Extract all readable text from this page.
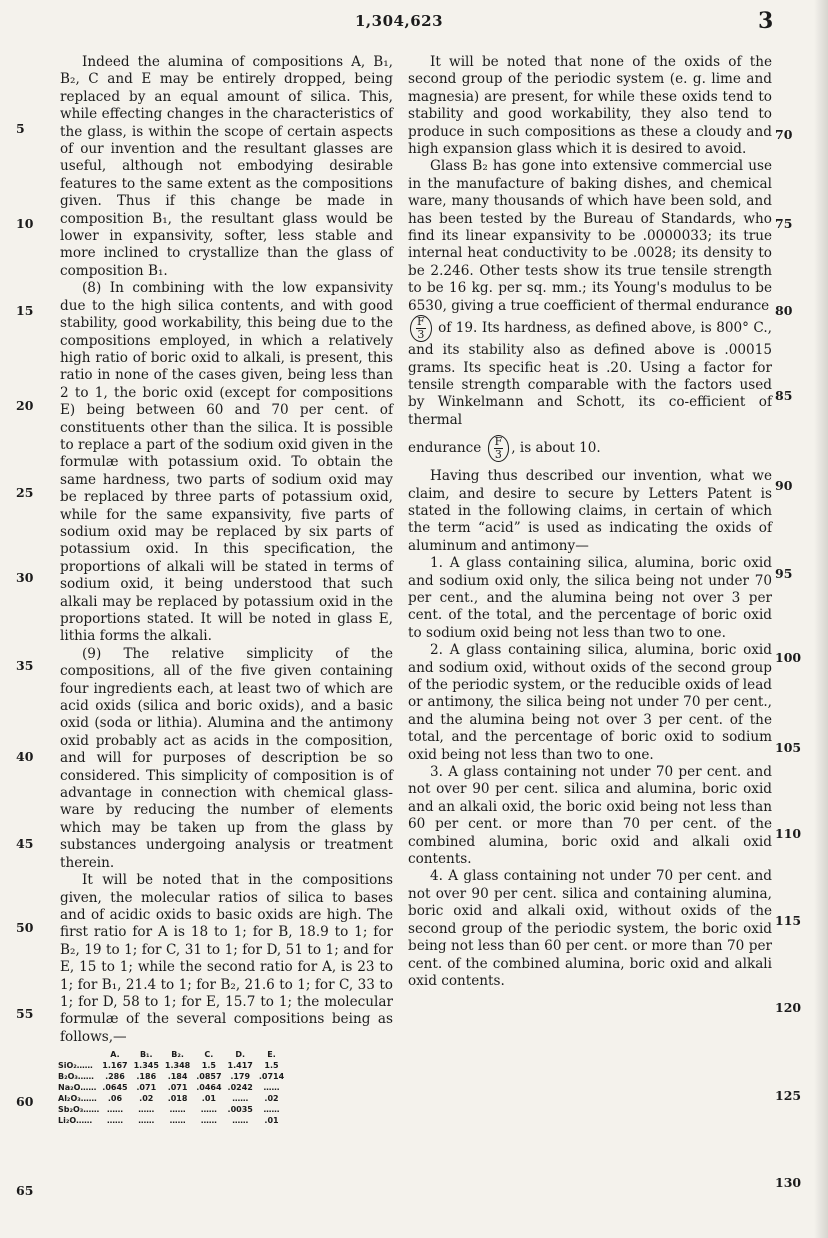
1,304,623	3
5
10
15
20
25
30
35
40
45
50
55
60
65
70
75
80
85
90
95
100
105
110
115
120
125
130

Indeed the alumina of compositions A, B₁, B₂, C and E may be entirely dropped, being replaced by an equal amount of silica. This, while effecting changes in the characteristics of the glass, is within the scope of certain aspects of our invention and the resultant glasses are useful, although not embodying desirable features to the same extent as the compositions given. Thus if this change be made in composition B₁, the resultant glass would be lower in expansivity, softer, less stable and more inclined to crystallize than the glass of composition B₁.

(8) In combining with the low expansivity due to the high silica contents, and with good stability, good workability, this being due to the compositions employed, in which a relatively high ratio of boric oxid to alkali, is present, this ratio in none of the cases given, being less than 2 to 1, the boric oxid (except for compositions E) being between 60 and 70 per cent. of constituents other than the silica. It is possible to replace a part of the sodium oxid given in the formulæ with potassium oxid. To obtain the same hardness, two parts of sodium oxid may be replaced by three parts of potassium oxid, while for the same expansivity, five parts of sodium oxid may be replaced by six parts of potassium oxid. In this specification, the proportions of alkali will be stated in terms of sodium oxid, it being understood that such alkali may be replaced by potassium oxid in the proportions stated. It will be noted in glass E, lithia forms the alkali.

(9) The relative simplicity of the compositions, all of the five given containing four ingredients each, at least two of which are acid oxids (silica and boric oxids), and a basic oxid (soda or lithia). Alumina and the antimony oxid probably act as acids in the composition, and will for purposes of description be so considered. This simplicity of composition is of advantage in connection with chemical glass-ware by reducing the number of elements which may be taken up from the glass by substances undergoing analysis or treatment therein.

It will be noted that in the compositions given, the molecular ratios of silica to bases and of acidic oxids to basic oxids are high. The first ratio for A is 18 to 1; for B, 18.9 to 1; for B₂, 19 to 1; for C, 31 to 1; for D, 51 to 1; and for E, 15 to 1; while the second ratio for A, is 23 to 1; for B₁, 21.4 to 1; for B₂, 21.6 to 1; for C, 33 to 1; for D, 58 to 1; for E, 15.7 to 1; the molecular formulæ of the several compositions being as follows,—

	A.	B₁.	B₂.	C.	D.	E.
SiO₂……	1.167	1.345	1.348	1.5	1.417	1.5
B₂O₃……	.286	.186	.184	.0857	.179	.0714
Na₂O……	.0645	.071	.071	.0464	.0242	……
Al₂O₃……	.06	.02	.018	.01	……	.02
Sb₂O₃……	……	……	……	……	.0035	……
Li₂O……	……	……	……	……	……	.01

It will be noted that none of the oxids of the second group of the periodic system (e. g. lime and magnesia) are present, for while these oxids tend to stability and good workability, they also tend to produce in such compositions as these a cloudy and high expansion glass which it is desired to avoid.

Glass B₂ has gone into extensive commercial use in the manufacture of baking dishes, and chemical ware, many thousands of which have been sold, and has been tested by the Bureau of Standards, who find its linear expansivity to be .0000033; its true internal heat conductivity to be .0028; its density to be 2.246. Other tests show its true tensile strength to be 16 kg. per sq. mm.; its Young's modulus to be 6530, giving a true coefficient of thermal endurance

$\frac{F}{3}$ of 19. Its hardness, as defined above, is 800° C., and its stability also as defined above is .00015 grams. Its specific heat is .20. Using a factor for tensile strength comparable with the factors used by Winkelmann and Schott, its co-efficient of thermal

endurance $\frac{F}{3}$ , is about 10.

Having thus described our invention, what we claim, and desire to secure by Letters Patent is stated in the following claims, in certain of which the term “acid” is used as indicating the oxids of aluminum and antimony—

1. A glass containing silica, alumina, boric oxid and sodium oxid only, the silica being not under 70 per cent., and the alumina being not over 3 per cent. of the total, and the percentage of boric oxid to sodium oxid being not less than two to one.

2. A glass containing silica, alumina, boric oxid and sodium oxid, without oxids of the second group of the periodic system, or the reducible oxids of lead or antimony, the silica being not under 70 per cent., and the alumina being not over 3 per cent. of the total, and the percentage of boric oxid to sodium oxid being not less than two to one.

3. A glass containing not under 70 per cent. and not over 90 per cent. silica and alumina, boric oxid and an alkali oxid, the boric oxid being not less than 60 per cent. or more than 70 per cent. of the combined alumina, boric oxid and alkali oxid contents.

4. A glass containing not under 70 per cent. and not over 90 per cent. silica and containing alumina, boric oxid and alkali oxid, without oxids of the second group of the periodic system, the boric oxid being not less than 60 per cent. or more than 70 per cent. of the combined alumina, boric oxid and alkali oxid contents.
